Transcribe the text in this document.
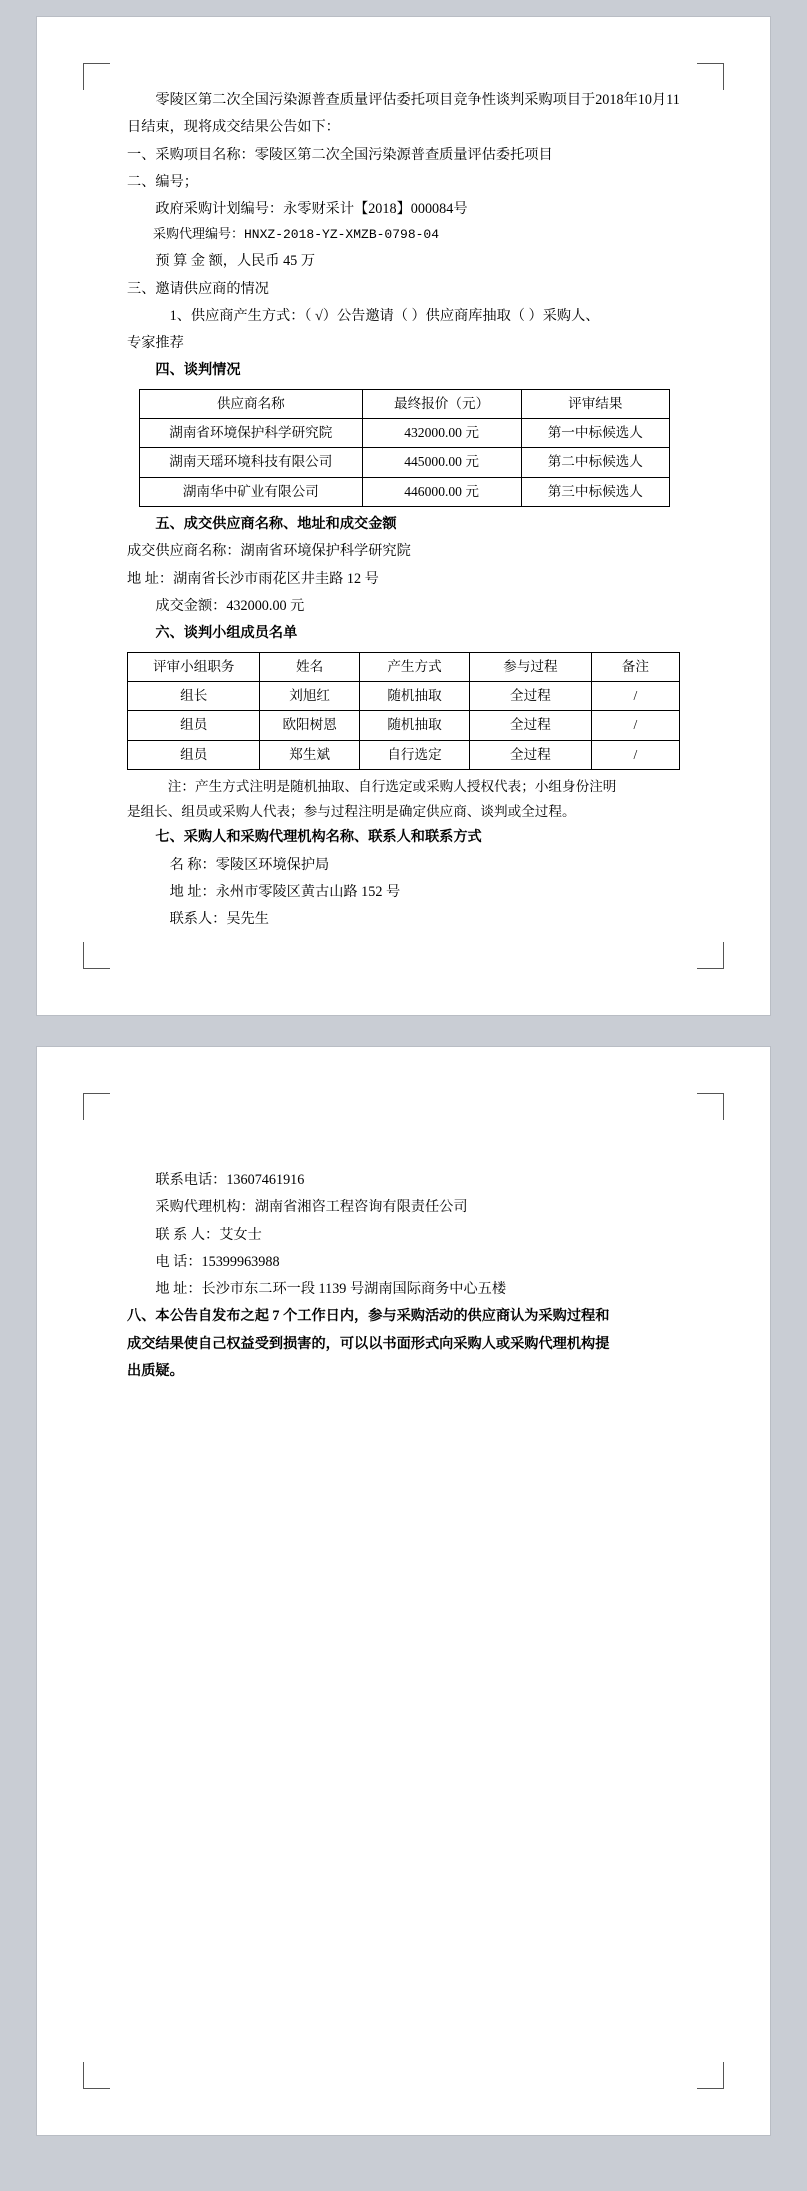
零陵区第二次全国污染源普查质量评估委托项目竞争性谈判采购项目于2018年10月11日结束，现将成交结果公告如下：

一、采购项目名称：零陵区第二次全国污染源普查质量评估委托项目

二、编号；

政府采购计划编号：永零财采计【2018】000084号

采购代理编号：HNXZ-2018-YZ-XMZB-0798-04

预 算 金 额，人民币 45 万

三、邀请供应商的情况

1、供应商产生方式：（ √）公告邀请（ ）供应商库抽取（ ）采购人、

专家推荐

四、谈判情况

供应商名称	最终报价（元）	评审结果
湖南省环境保护科学研究院	432000.00 元	第一中标候选人
湖南天瑶环境科技有限公司	445000.00 元	第二中标候选人
湖南华中矿业有限公司	446000.00 元	第三中标候选人

五、成交供应商名称、地址和成交金额

成交供应商名称：湖南省环境保护科学研究院

地 址：湖南省长沙市雨花区井圭路 12 号

成交金额：432000.00 元

六、谈判小组成员名单

评审小组职务	姓名	产生方式	参与过程	备注
组长	刘旭红	随机抽取	全过程	/
组员	欧阳树恩	随机抽取	全过程	/
组员	郑生斌	自行选定	全过程	/

注：产生方式注明是随机抽取、自行选定或采购人授权代表；小组身份注明

是组长、组员或采购人代表；参与过程注明是确定供应商、谈判或全过程。

七、采购人和采购代理机构名称、联系人和联系方式

名 称：零陵区环境保护局

地 址：永州市零陵区黄古山路 152 号

联系人：吴先生

联系电话：13607461916

采购代理机构：湖南省湘咨工程咨询有限责任公司

联 系 人：艾女士

电 话：15399963988

地 址：长沙市东二环一段 1139 号湖南国际商务中心五楼

八、本公告自发布之起 7 个工作日内，参与采购活动的供应商认为采购过程和

成交结果使自己权益受到损害的，可以以书面形式向采购人或采购代理机构提

出质疑。
